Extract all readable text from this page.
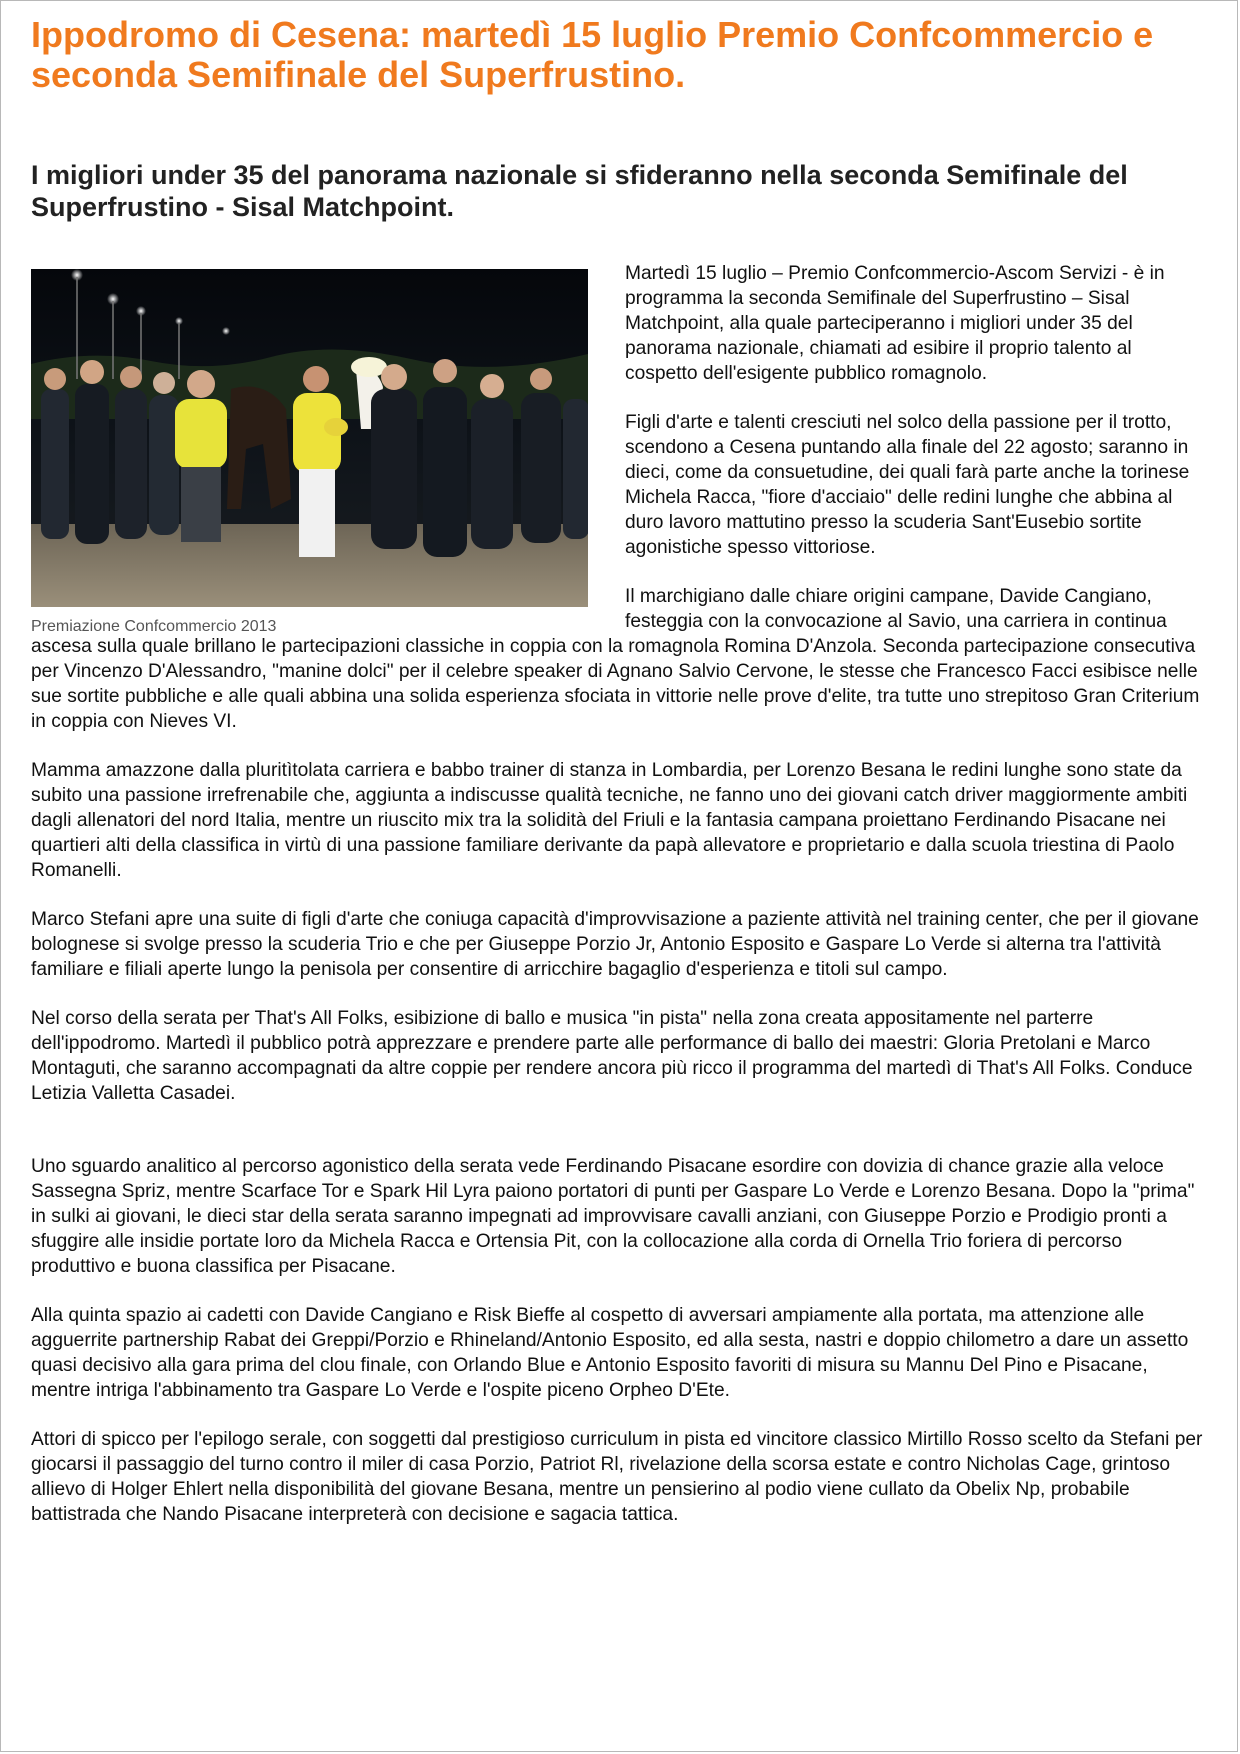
Ippodromo di Cesena: martedì 15 luglio Premio Confcommercio e seconda Semifinale del Superfrustino.
I migliori under 35 del panorama nazionale si sfideranno nella seconda Semifinale del Superfrustino - Sisal Matchpoint.

Premiazione Confcommercio 2013

Martedì 15 luglio – Premio Confcommercio-Ascom Servizi - è in programma la seconda Semifinale del Superfrustino – Sisal Matchpoint, alla quale parteciperanno i migliori under 35 del panorama nazionale, chiamati ad esibire il proprio talento al cospetto dell'esigente pubblico romagnolo.

Figli d'arte e talenti cresciuti nel solco della passione per il trotto, scendono a Cesena puntando alla finale del 22 agosto; saranno in dieci, come da consuetudine, dei quali farà parte anche la torinese Michela Racca, "fiore d'acciaio" delle redini lunghe che abbina al duro lavoro mattutino presso la scuderia Sant'Eusebio sortite agonistiche spesso vittoriose.

Il marchigiano dalle chiare origini campane, Davide Cangiano, festeggia con la convocazione al Savio, una carriera in continua ascesa sulla quale brillano le partecipazioni classiche in coppia con la romagnola Romina D'Anzola. Seconda partecipazione consecutiva per Vincenzo D'Alessandro, "manine dolci" per il celebre speaker di Agnano Salvio Cervone, le stesse che Francesco Facci esibisce nelle sue sortite pubbliche e alle quali abbina una solida esperienza sfociata in vittorie nelle prove d'elite, tra tutte uno strepitoso Gran Criterium in coppia con Nieves VI.

Mamma amazzone dalla pluritìtolata carriera e babbo trainer di stanza in Lombardia, per Lorenzo Besana le redini lunghe sono state da subito una passione irrefrenabile che, aggiunta a indiscusse qualità tecniche, ne fanno uno dei giovani catch driver maggiormente ambiti dagli allenatori del nord Italia, mentre un riuscito mix tra la solidità del Friuli e la fantasia campana proiettano Ferdinando Pisacane nei quartieri alti della classifica in virtù di una passione familiare derivante da papà allevatore e proprietario e dalla scuola triestina di Paolo Romanelli.

Marco Stefani apre una suite di figli d'arte che coniuga capacità d'improvvisazione a paziente attività nel training center, che per il giovane bolognese si svolge presso la scuderia Trio e che per Giuseppe Porzio Jr, Antonio Esposito e Gaspare Lo Verde si alterna tra l'attività familiare e filiali aperte lungo la penisola per consentire di arricchire bagaglio d'esperienza e titoli sul campo.

Nel corso della serata per That's All Folks, esibizione di ballo e musica "in pista" nella zona creata appositamente nel parterre dell'ippodromo. Martedì il pubblico potrà apprezzare e prendere parte alle performance di ballo dei maestri: Gloria Pretolani e Marco Montaguti, che saranno accompagnati da altre coppie per rendere ancora più ricco il programma del martedì di That's All Folks. Conduce Letizia Valletta Casadei.

Uno sguardo analitico al percorso agonistico della serata vede Ferdinando Pisacane esordire con dovizia di chance grazie alla veloce Sassegna Spriz, mentre Scarface Tor e Spark Hil Lyra paiono portatori di punti per Gaspare Lo Verde e Lorenzo Besana. Dopo la "prima" in sulki ai giovani, le dieci star della serata saranno impegnati ad improvvisare cavalli anziani, con Giuseppe Porzio e Prodigio pronti a sfuggire alle insidie portate loro da Michela Racca e Ortensia Pit, con la collocazione alla corda di Ornella Trio foriera di percorso produttivo e buona classifica per Pisacane.

Alla quinta spazio ai cadetti con Davide Cangiano e Risk Bieffe al cospetto di avversari ampiamente alla portata, ma attenzione alle agguerrite partnership Rabat dei Greppi/Porzio e Rhineland/Antonio Esposito, ed alla sesta, nastri e doppio chilometro a dare un assetto quasi decisivo alla gara prima del clou finale, con Orlando Blue e Antonio Esposito favoriti di misura su Mannu Del Pino e Pisacane, mentre intriga l'abbinamento tra Gaspare Lo Verde e l'ospite piceno Orpheo D'Ete.

Attori di spicco per l'epilogo serale, con soggetti dal prestigioso curriculum in pista ed vincitore classico Mirtillo Rosso scelto da Stefani per giocarsi il passaggio del turno contro il miler di casa Porzio, Patriot Rl, rivelazione della scorsa estate e contro Nicholas Cage, grintoso allievo di Holger Ehlert nella disponibilità del giovane Besana, mentre un pensierino al podio viene cullato da Obelix Np, probabile battistrada che Nando Pisacane interpreterà con decisione e sagacia tattica.
